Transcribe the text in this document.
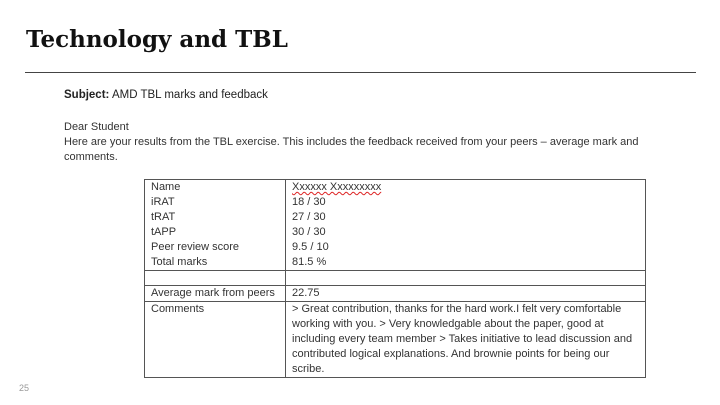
Technology and TBL
Subject: AMD TBL marks and feedback
Dear Student
Here are your results from the TBL exercise. This includes the feedback received from your peers – average mark and comments.
Name	Xxxxxx Xxxxxxxxx
iRAT	18 / 30
tRAT	27 / 30
tAPP	30 / 30
Peer review score	9.5 / 10
Total marks	81.5 %

Average mark from peers	22.75
Comments	> Great contribution, thanks for the hard work.I felt very comfortable working with you. > Very knowledgable about the paper, good at including every team member > Takes initiative to lead discussion and contributed logical explanations. And brownie points for being our scribe.
25
